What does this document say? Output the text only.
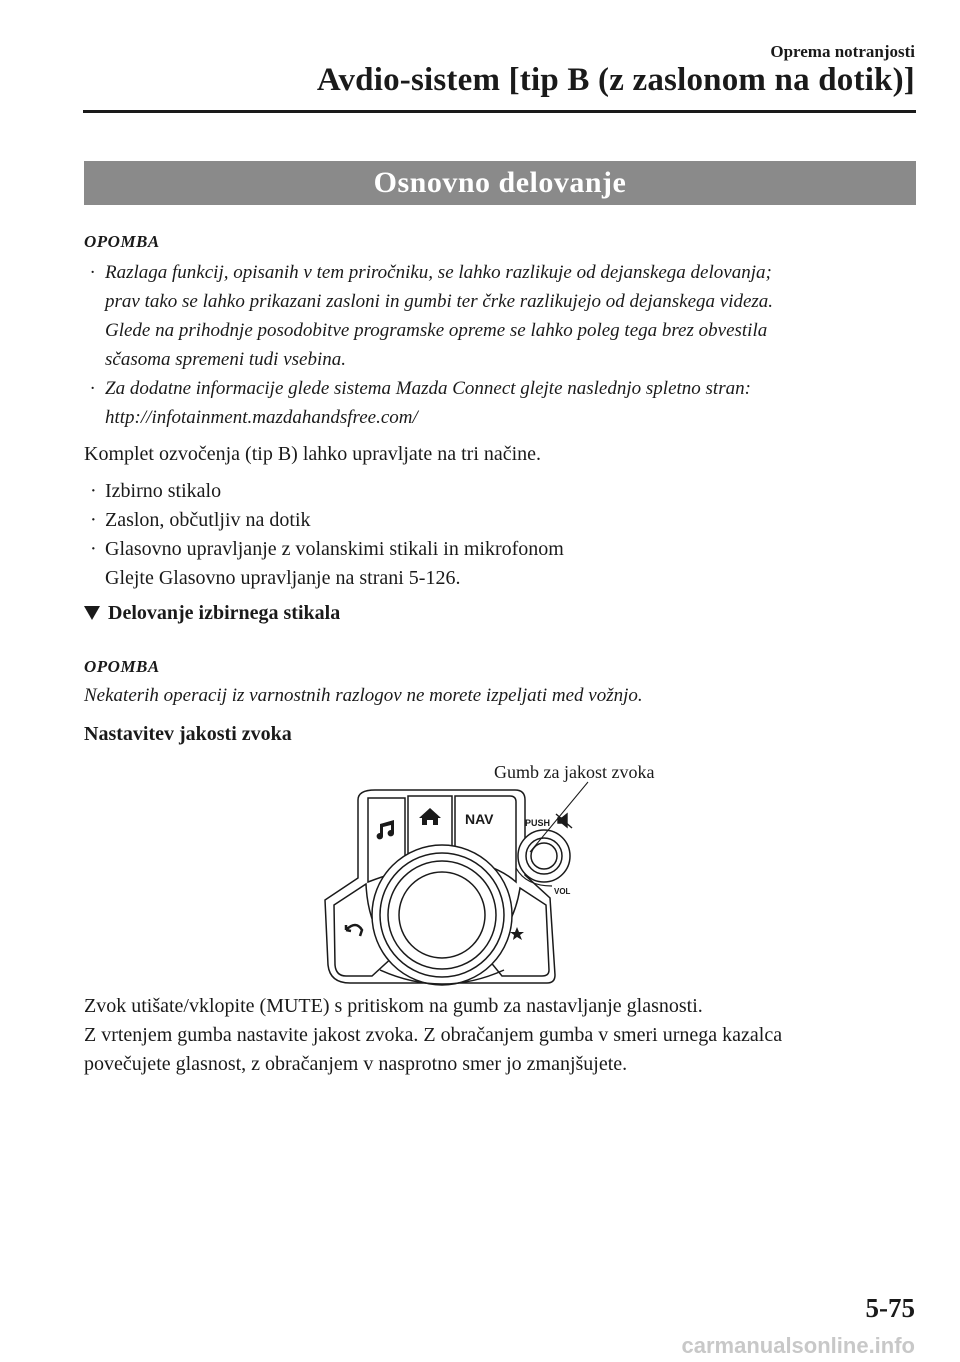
Oprema notranjosti
Avdio-sistem [tip B (z zaslonom na dotik)]
Osnovno delovanje
OPOMBA
· Razlaga funkcij, opisanih v tem priročniku, se lahko razlikuje od dejanskega delovanja;
prav tako se lahko prikazani zasloni in gumbi ter črke razlikujejo od dejanskega videza.
Glede na prihodnje posodobitve programske opreme se lahko poleg tega brez obvestila
sčasoma spremeni tudi vsebina.
· Za dodatne informacije glede sistema Mazda Connect glejte naslednjo spletno stran:
http://infotainment.mazdahandsfree.com/
Komplet ozvočenja (tip B) lahko upravljate na tri načine.
· Izbirno stikalo
· Zaslon, občutljiv na dotik
· Glasovno upravljanje z volanskimi stikali in mikrofonom
Glejte Glasovno upravljanje na strani 5-126.
Delovanje izbirnega stikala
OPOMBA
Nekaterih operacij iz varnostnih razlogov ne morete izpeljati med vožnjo.
Nastavitev jakosti zvoka
Gumb za jakost zvoka
NAV	PUSH
VOL
Zvok utišate/vklopite (MUTE) s pritiskom na gumb za nastavljanje glasnosti.
Z vrtenjem gumba nastavite jakost zvoka. Z obračanjem gumba v smeri urnega kazalca
povečujete glasnost, z obračanjem v nasprotno smer jo zmanjšujete.
5-75
carmanualsonline.info
